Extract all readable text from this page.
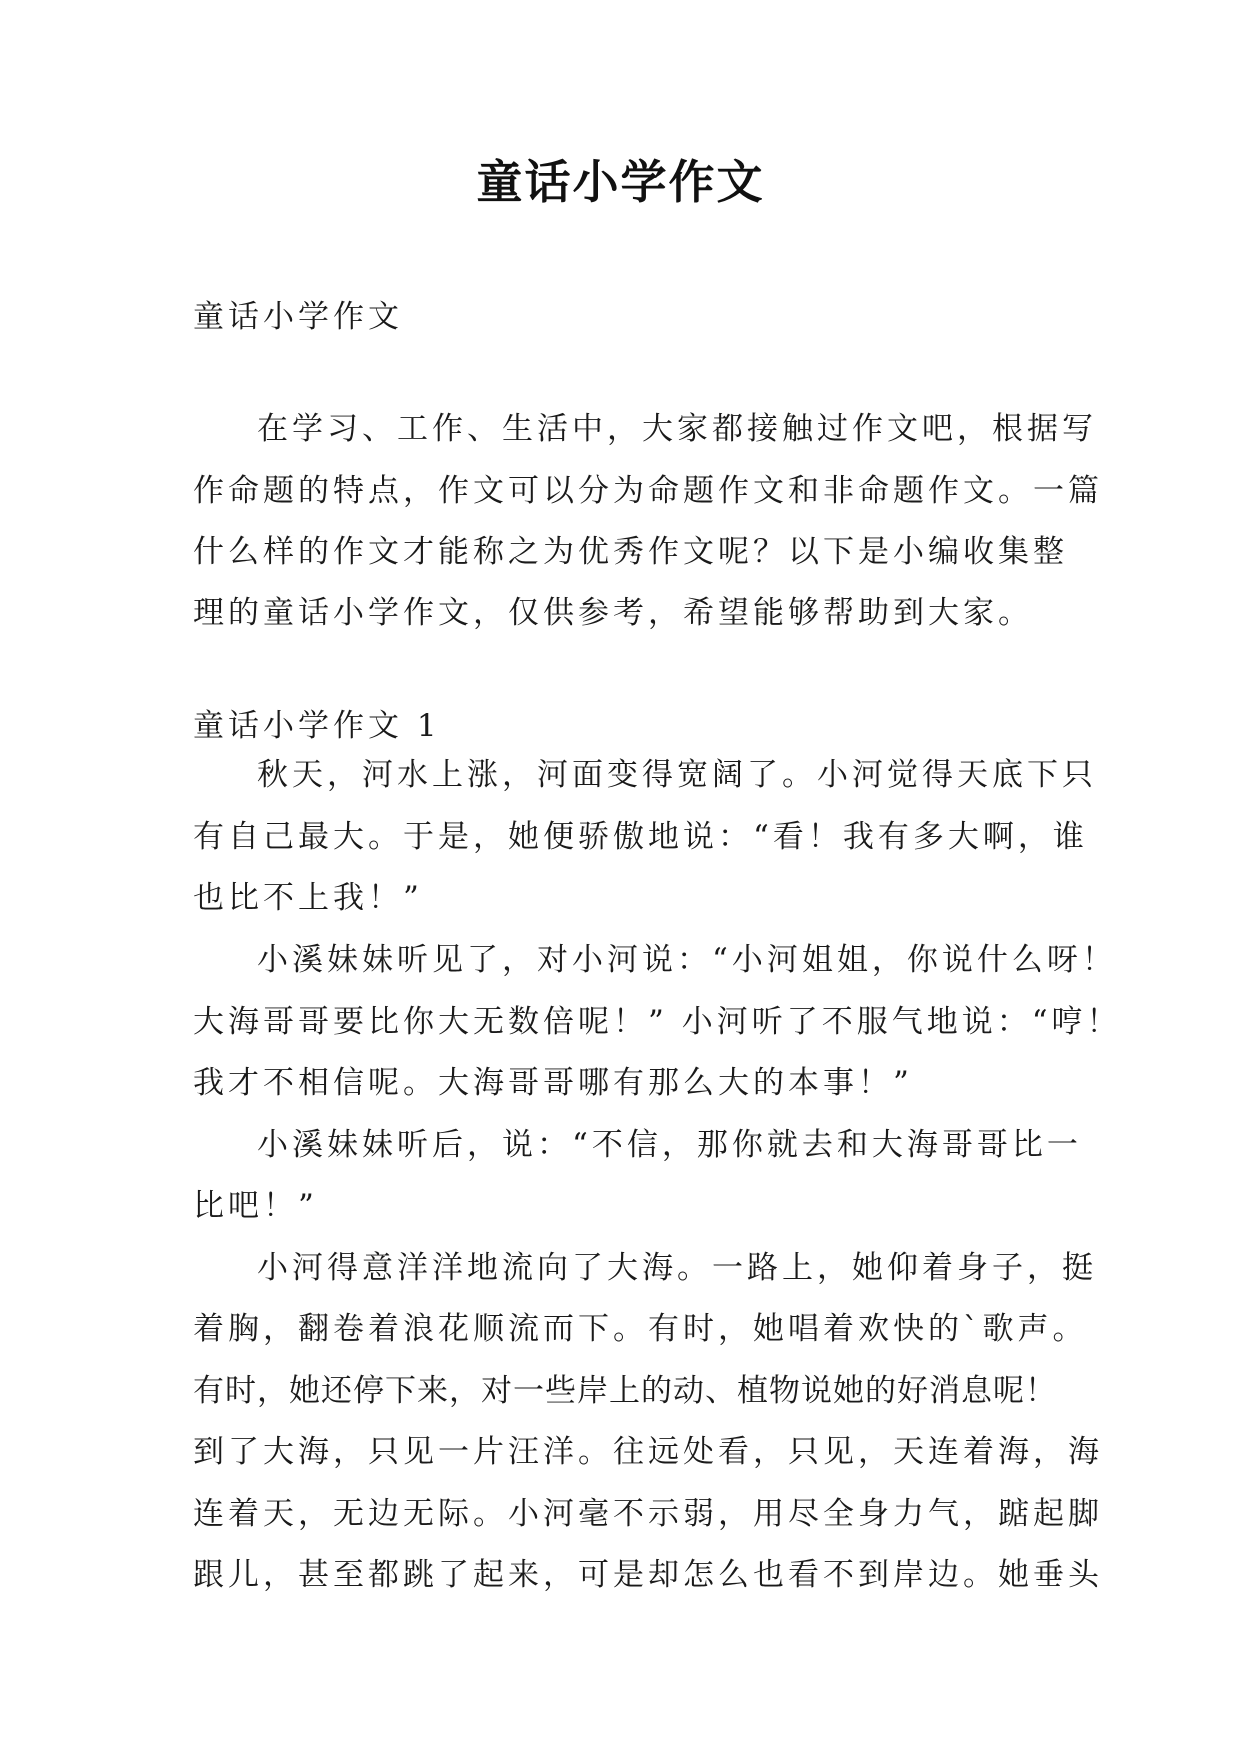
童话小学作文
童话小学作文
在学习、工作、生活中，大家都接触过作文吧，根据写
作命题的特点，作文可以分为命题作文和非命题作文。一篇
什么样的作文才能称之为优秀作文呢？以下是小编收集整
理的童话小学作文，仅供参考，希望能够帮助到大家。
童话小学作文 1
秋天，河水上涨，河面变得宽阔了。小河觉得天底下只
有自己最大。于是，她便骄傲地说：“看！我有多大啊，谁
也比不上我！”
小溪妹妹听见了，对小河说：“小河姐姐，你说什么呀！
大海哥哥要比你大无数倍呢！” 小河听了不服气地说：“哼！
我才不相信呢。大海哥哥哪有那么大的本事！”
小溪妹妹听后，说：“不信，那你就去和大海哥哥比一
比吧！”
小河得意洋洋地流向了大海。一路上，她仰着身子，挺
着胸，翻卷着浪花顺流而下。有时，她唱着欢快的`歌声。
有时，她还停下来，对一些岸上的动、植物说她的好消息呢！
到了大海，只见一片汪洋。往远处看，只见，天连着海，海
连着天，无边无际。小河毫不示弱，用尽全身力气，踮起脚
跟儿，甚至都跳了起来，可是却怎么也看不到岸边。她垂头
